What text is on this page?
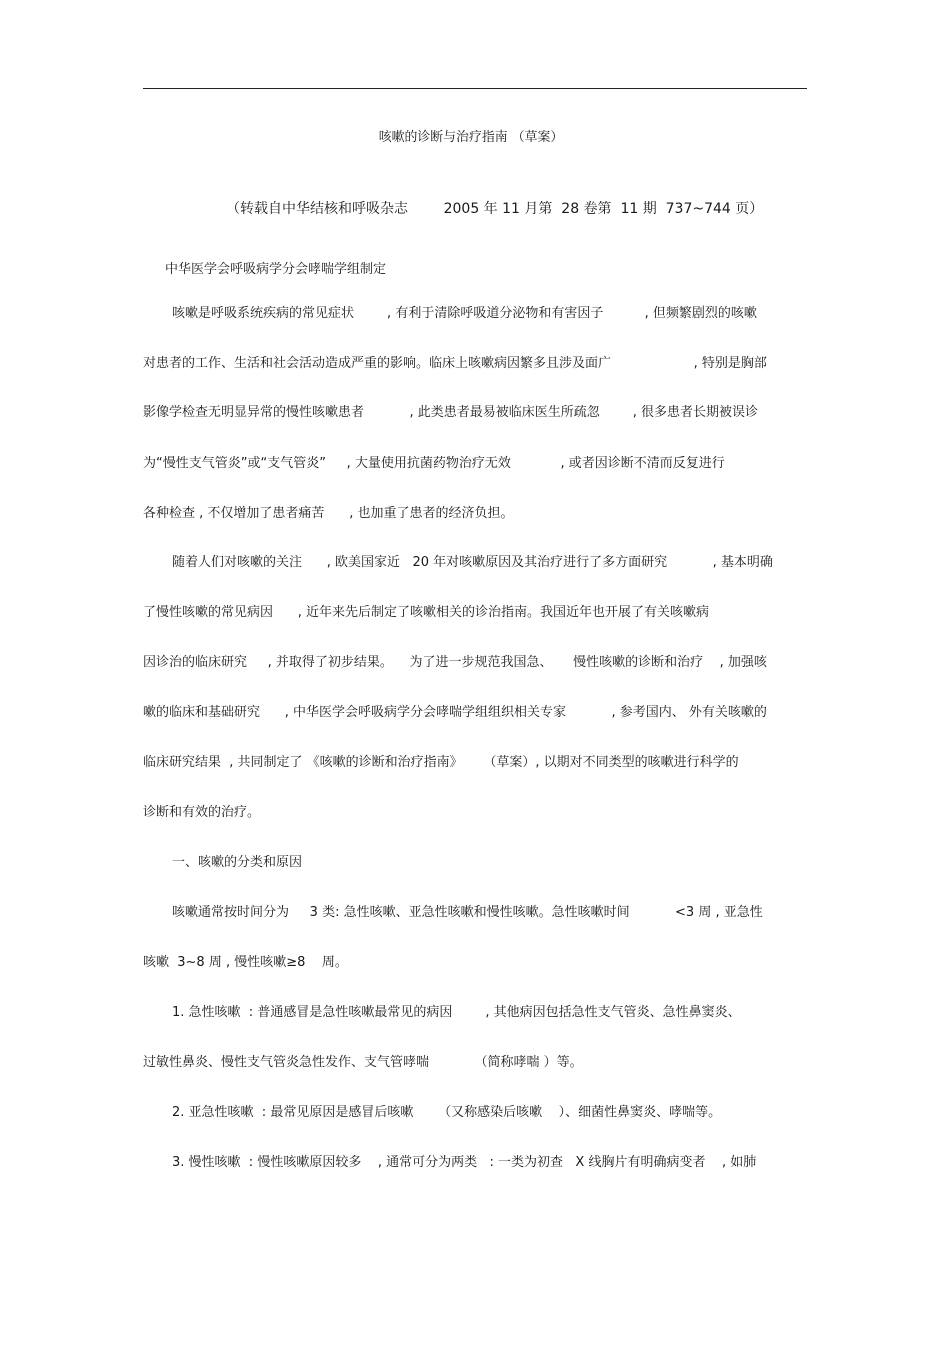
咳嗽的诊断与治疗指南 （草案）
（转载自中华结核和呼吸杂志        2005 年 11 月第  28 卷第  11 期  737~744 页）
中华医学会呼吸病学分会哮喘学组制定
咳嗽是呼吸系统疾病的常见症状        , 有利于清除呼吸道分泌物和有害因子          , 但频繁剧烈的咳嗽
对患者的工作、生活和社会活动造成严重的影响。临床上咳嗽病因繁多且涉及面广                    , 特别是胸部
影像学检查无明显异常的慢性咳嗽患者           , 此类患者最易被临床医生所疏忽        , 很多患者长期被误诊
为“慢性支气管炎”或“支气管炎”     , 大量使用抗菌药物治疗无效            , 或者因诊断不清而反复进行
各种检查 , 不仅增加了患者痛苦      , 也加重了患者的经济负担。
随着人们对咳嗽的关注      , 欧美国家近   20 年对咳嗽原因及其治疗进行了多方面研究           , 基本明确
了慢性咳嗽的常见病因      , 近年来先后制定了咳嗽相关的诊治指南。我国近年也开展了有关咳嗽病
因诊治的临床研究     , 并取得了初步结果。    为了进一步规范我国急、     慢性咳嗽的诊断和治疗    , 加强咳
嗽的临床和基础研究      , 中华医学会呼吸病学分会哮喘学组组织相关专家           , 参考国内、 外有关咳嗽的
临床研究结果  , 共同制定了 《咳嗽的诊断和治疗指南》     （草案）, 以期对不同类型的咳嗽进行科学的
诊断和有效的治疗。
一、咳嗽的分类和原因
咳嗽通常按时间分为     3 类: 急性咳嗽、亚急性咳嗽和慢性咳嗽。急性咳嗽时间           <3 周 , 亚急性
咳嗽  3~8 周 , 慢性咳嗽≥8    周。
1. 急性咳嗽  : 普通感冒是急性咳嗽最常见的病因        , 其他病因包括急性支气管炎、急性鼻窦炎、
过敏性鼻炎、慢性支气管炎急性发作、支气管哮喘           （简称哮喘 ）等。
2. 亚急性咳嗽  : 最常见原因是感冒后咳嗽      （又称感染后咳嗽    ）、细菌性鼻窦炎、哮喘等。
3. 慢性咳嗽  : 慢性咳嗽原因较多    , 通常可分为两类   : 一类为初查   X 线胸片有明确病变者    , 如肺
